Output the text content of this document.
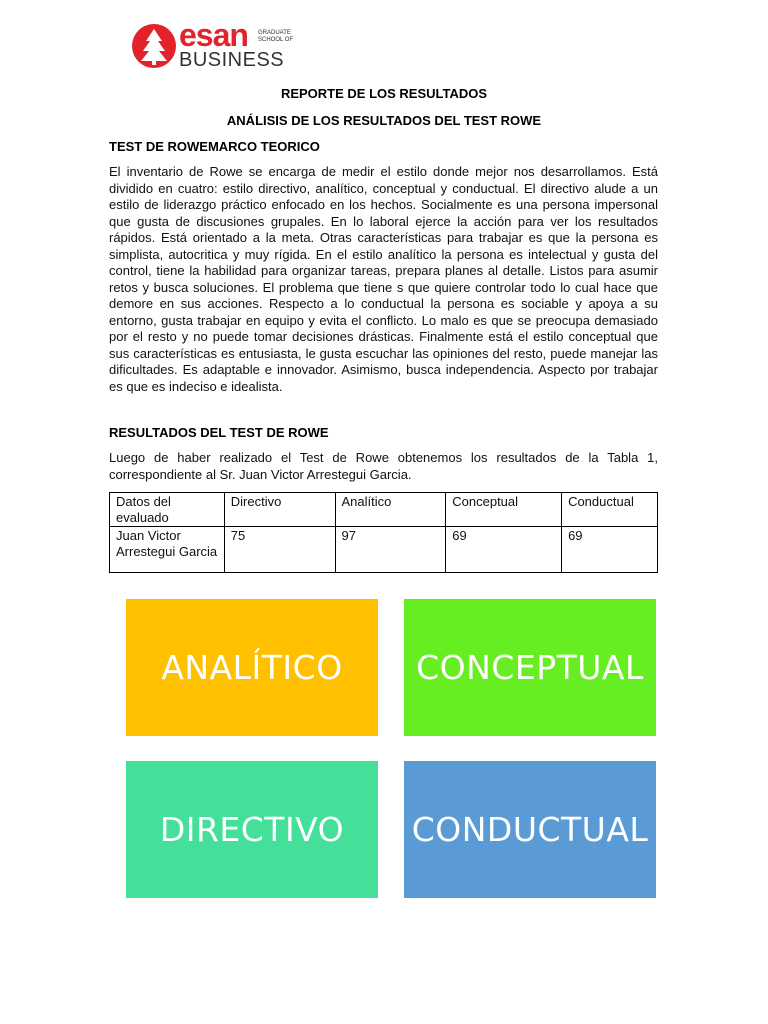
esan GRADUATE
SCHOOL OF
BUSINESS
REPORTE DE LOS RESULTADOS
ANÁLISIS DE LOS RESULTADOS DEL TEST ROWE
TEST DE ROWEMARCO TEORICO
El inventario de Rowe se encarga de medir el estilo donde mejor nos desarrollamos. Está dividido en cuatro: estilo directivo, analítico, conceptual y conductual. El directivo alude a un estilo de liderazgo práctico enfocado en los hechos. Socialmente es una persona impersonal que gusta de discusiones grupales. En lo laboral ejerce la acción para ver los resultados rápidos. Está orientado a la meta. Otras características para trabajar es que la persona es simplista, autocritica y muy rígida. En el estilo analítico la persona es intelectual y gusta del control, tiene la habilidad para organizar tareas, prepara planes al detalle. Listos para asumir retos y busca soluciones. El problema que tiene s que quiere controlar todo lo cual hace que demore en sus acciones. Respecto a lo conductual la persona es sociable y apoya a su entorno, gusta trabajar en equipo y evita el conflicto. Lo malo es que se preocupa demasiado por el resto y no puede tomar decisiones drásticas. Finalmente está el estilo conceptual que sus características es entusiasta, le gusta escuchar las opiniones del resto, puede manejar las dificultades. Es adaptable e innovador. Asimismo, busca independencia. Aspecto por trabajar es que es indeciso e idealista.
RESULTADOS DEL TEST DE ROWE
Luego de haber realizado el Test de Rowe obtenemos los resultados de la Tabla 1, correspondiente al Sr. Juan Victor Arrestegui Garcia.
Datos del evaluado	Directivo	Analítico	Conceptual	Conductual
Juan Victor Arrestegui Garcia	75	97	69	69
ANALÍTICO	CONCEPTUAL
DIRECTIVO	CONDUCTUAL
